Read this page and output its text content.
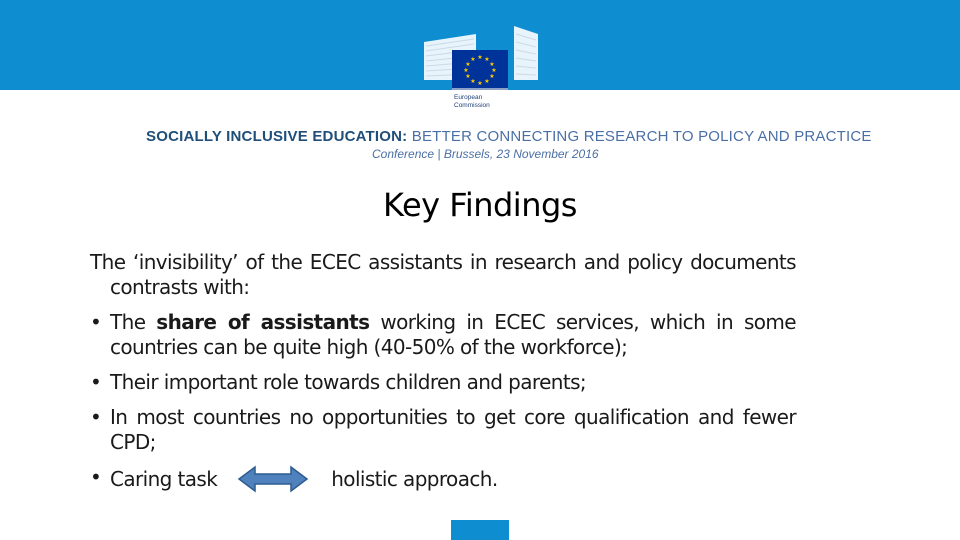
★ ★
★
★
★
★
★
★
★
★
★
★
European
Commission
SOCIALLY INCLUSIVE EDUCATION: BETTER CONNECTING RESEARCH TO POLICY AND PRACTICE
Conference | Brussels, 23 November 2016
Key Findings

The ‘invisibility’ of the ECEC assistants in research and policy documents contrasts with:

• The share of assistants working in ECEC services, which in some countries can be quite high (40-50% of the workforce);
• Their important role towards children and parents;
• In most countries no opportunities to get core qualification and fewer CPD;
• Caring task	holistic approach.
